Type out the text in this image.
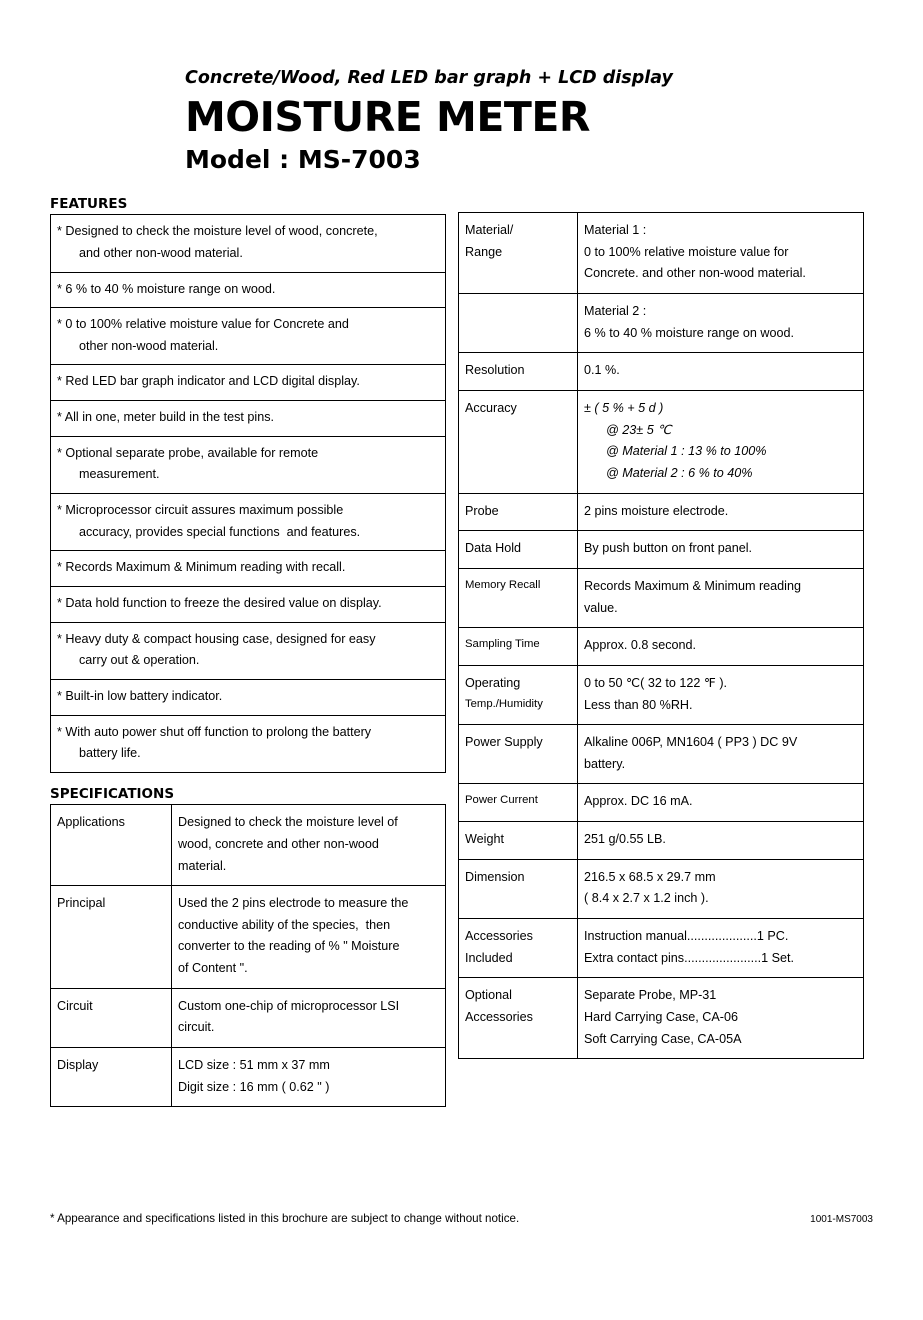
Concrete/Wood, Red LED bar graph + LCD display
MOISTURE METER
Model : MS-7003
FEATURES
* Designed to check the moisture level of wood, concrete,
and other non-wood material.

* 6 % to 40 % moisture range on wood.

* 0 to 100% relative moisture value for Concrete and
other non-wood material.

* Red LED bar graph indicator and LCD digital display.

* All in one, meter build in the test pins.

* Optional separate probe, available for remote
measurement.

* Microprocessor circuit assures maximum possible
accuracy, provides special functions  and features.

* Records Maximum & Minimum reading with recall.

* Data hold function to freeze the desired value on display.

* Heavy duty & compact housing case, designed for easy
carry out & operation.

* Built-in low battery indicator.

* With auto power shut off function to prolong the battery
battery life.
SPECIFICATIONS
Applications	Designed to check the moisture level of
wood, concrete and other non-wood
material.

Principal	Used the 2 pins electrode to measure the
conductive ability of the species,  then
converter to the reading of % " Moisture
of Content ".

Circuit	Custom one-chip of microprocessor LSI
circuit.

Display	LCD size : 51 mm x 37 mm
Digit size : 16 mm ( 0.62 " )
Material/
Range	Material 1 :
0 to 100% relative moisture value for
Concrete. and other non-wood material.

	Material 2 :
6 % to 40 % moisture range on wood.

Resolution	0.1 %.

Accuracy	± ( 5 % + 5 d )
@ 23± 5 ℃
@ Material 1 : 13 % to 100%
@ Material 2 : 6 % to 40%

Probe	2 pins moisture electrode.

Data Hold	By push button on front panel.

Memory Recall	Records Maximum & Minimum reading
value.

Sampling Time	Approx. 0.8 second.

Operating
Temp./Humidity	0 to 50 ℃( 32 to 122 ℉ ).
Less than 80 %RH.

Power Supply	Alkaline 006P, MN1604 ( PP3 ) DC 9V
battery.

Power Current	Approx. DC 16 mA.

Weight	251 g/0.55 LB.

Dimension	216.5 x 68.5 x 29.7 mm
( 8.4 x 2.7 x 1.2 inch ).

Accessories
Included	Instruction manual....................1 PC.
Extra contact pins......................1 Set.

Optional
Accessories	Separate Probe, MP-31
Hard Carrying Case, CA-06
Soft Carrying Case, CA-05A
* Appearance and specifications listed in this brochure are subject to change without notice.	1001-MS7003
